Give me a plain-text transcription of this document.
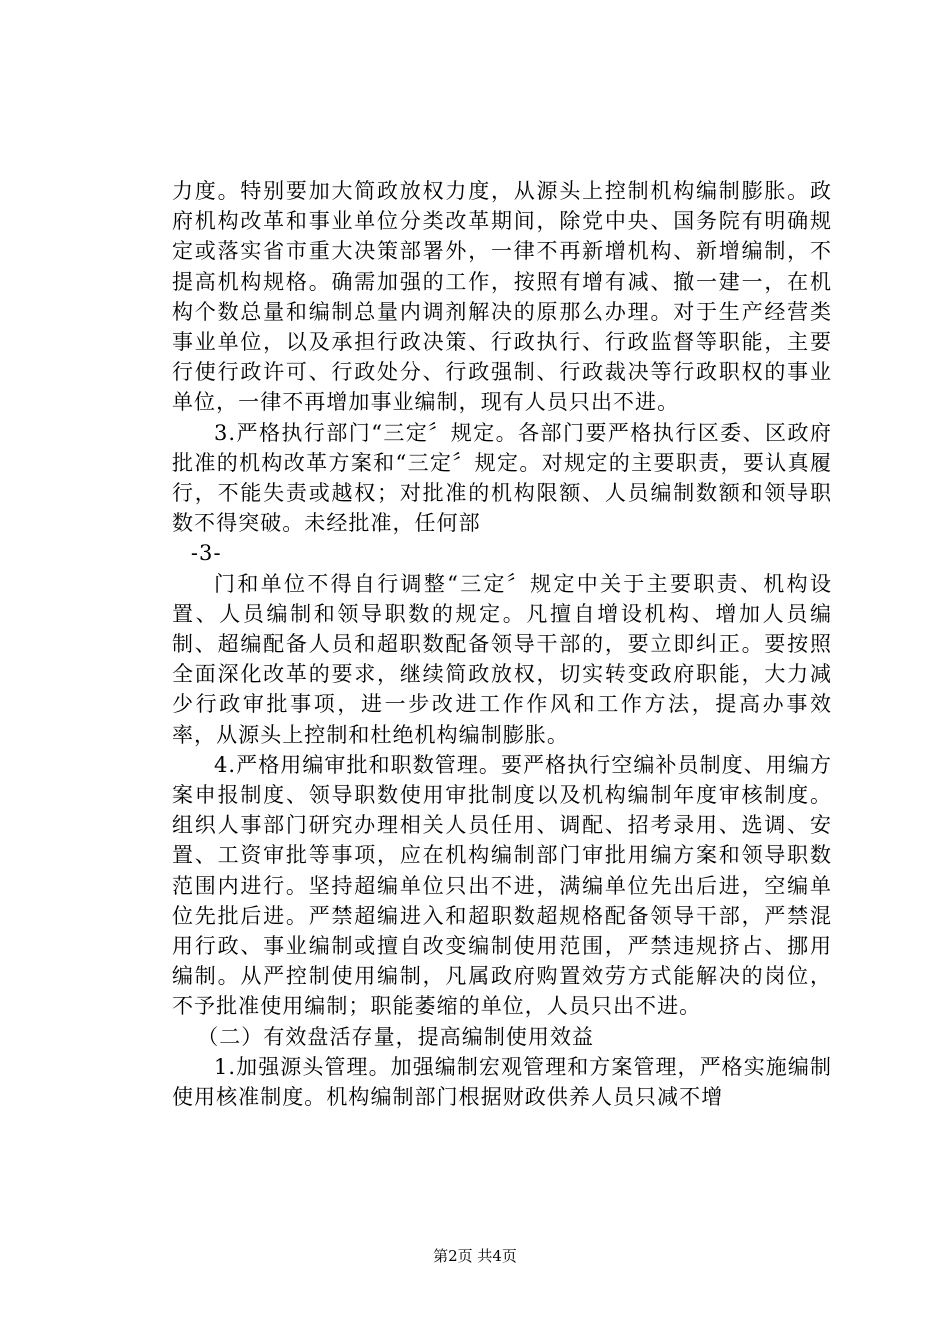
力度。特别要加大简政放权力度，从源头上控制机构编制膨胀。政府机构改革和事业单位分类改革期间，除党中央、国务院有明确规定或落实省市重大决策部署外，一律不再新增机构、新增编制，不提高机构规格。确需加强的工作，按照有增有减、撤一建一，在机构个数总量和编制总量内调剂解决的原那么办理。对于生产经营类事业单位，以及承担行政决策、行政执行、行政监督等职能，主要行使行政许可、行政处分、行政强制、行政裁决等行政职权的事业单位，一律不再增加事业编制，现有人员只出不进。

3.严格执行部门“三定〞规定。各部门要严格执行区委、区政府批准的机构改革方案和“三定〞规定。对规定的主要职责，要认真履行，不能失责或越权；对批准的机构限额、人员编制数额和领导职数不得突破。未经批准，任何部

-3-

门和单位不得自行调整“三定〞规定中关于主要职责、机构设置、人员编制和领导职数的规定。凡擅自增设机构、增加人员编制、超编配备人员和超职数配备领导干部的，要立即纠正。要按照全面深化改革的要求，继续简政放权，切实转变政府职能，大力减少行政审批事项，进一步改进工作作风和工作方法，提高办事效率，从源头上控制和杜绝机构编制膨胀。

4.严格用编审批和职数管理。要严格执行空编补员制度、用编方案申报制度、领导职数使用审批制度以及机构编制年度审核制度。组织人事部门研究办理相关人员任用、调配、招考录用、选调、安置、工资审批等事项，应在机构编制部门审批用编方案和领导职数范围内进行。坚持超编单位只出不进，满编单位先出后进，空编单位先批后进。严禁超编进入和超职数超规格配备领导干部，严禁混用行政、事业编制或擅自改变编制使用范围，严禁违规挤占、挪用编制。从严控制使用编制，凡属政府购置效劳方式能解决的岗位，不予批准使用编制；职能萎缩的单位，人员只出不进。

（二）有效盘活存量，提高编制使用效益

1.加强源头管理。加强编制宏观管理和方案管理，严格实施编制使用核准制度。机构编制部门根据财政供养人员只减不增

第2页 共4页
